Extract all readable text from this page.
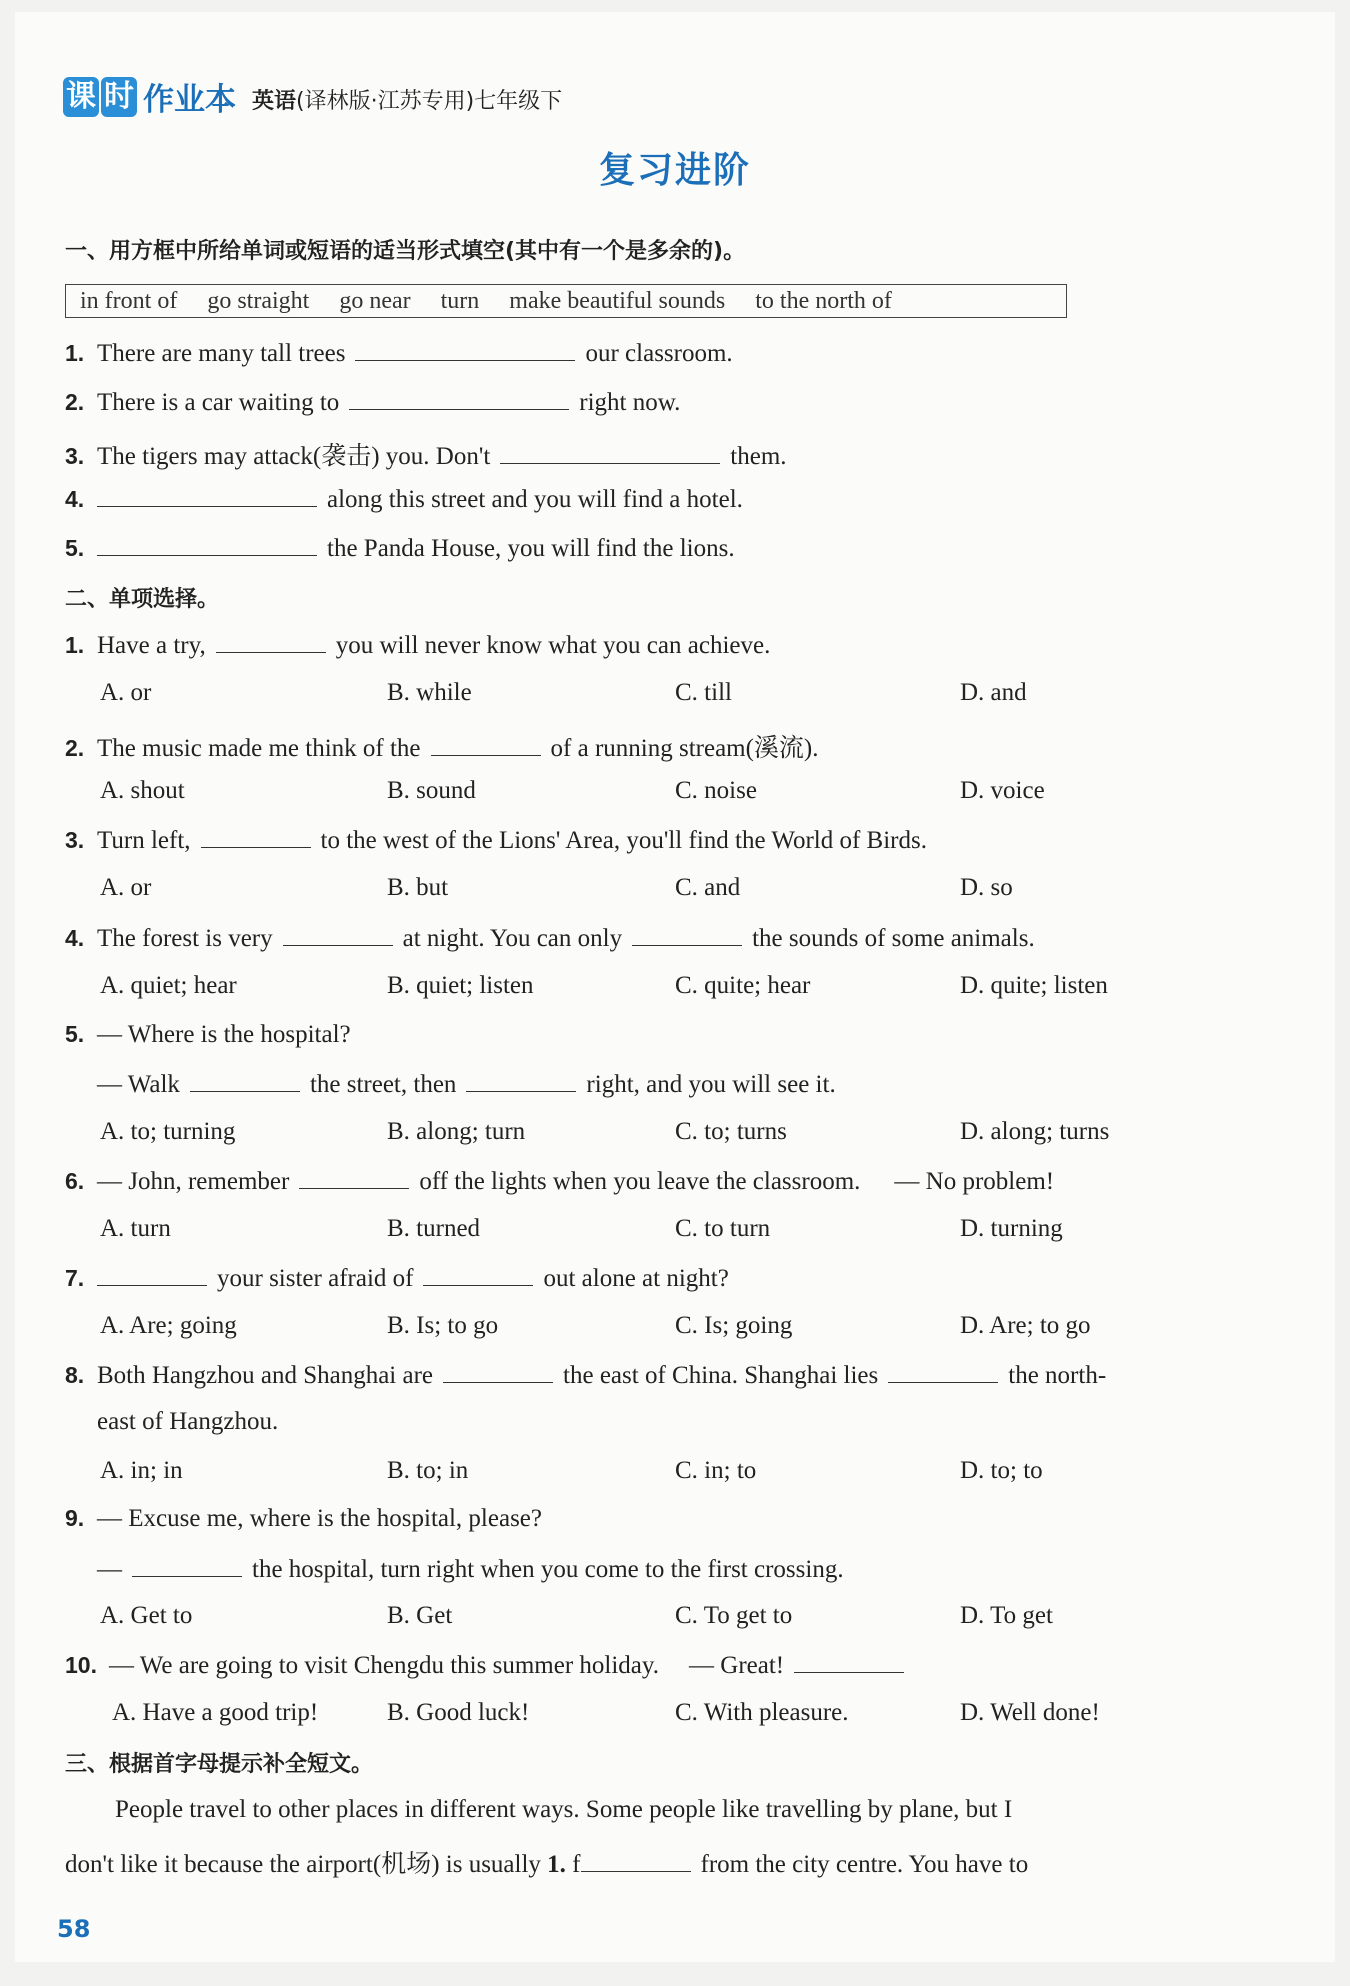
课 时 作业本 英语(译林版·江苏专用)七年级下
复习进阶
一、用方框中所给单词或短语的适当形式填空(其中有一个是多余的)。
in front of go straight go near turn make beautiful sounds to the north of
1. There are many tall trees	our classroom.
2. There is a car waiting to	right now.
3. The tigers may attack(袭击) you. Don't	them.
4.	along this street and you will find a hotel.
5.	the Panda House, you will find the lions.
二、单项选择。
1. Have a try,	you will never know what you can achieve.
A. or	B. while	C. till	D. and
2. The music made me think of the	of a running stream(溪流).
A. shout	B. sound	C. noise	D. voice
3. Turn left,	to the west of the Lions' Area, you'll find the World of Birds.
A. or	B. but	C. and	D. so
4. The forest is very	at night. You can only	the sounds of some animals.
A. quiet; hear	B. quiet; listen	C. quite; hear	D. quite; listen
5. — Where is the hospital?
— Walk	the street, then	right, and you will see it.
A. to; turning	B. along; turn	C. to; turns	D. along; turns
6. — John, remember	off the lights when you leave the classroom. — No problem!
A. turn	B. turned	C. to turn	D. turning
7.	your sister afraid of	out alone at night?
A. Are; going	B. Is; to go	C. Is; going	D. Are; to go
8. Both Hangzhou and Shanghai are	the east of China. Shanghai lies	the north-
east of Hangzhou.
A. in; in	B. to; in	C. in; to	D. to; to
9. — Excuse me, where is the hospital, please?
—	the hospital, turn right when you come to the first crossing.
A. Get to	B. Get	C. To get to	D. To get
10. — We are going to visit Chengdu this summer holiday. — Great!
A. Have a good trip!	B. Good luck!	C. With pleasure.	D. Well done!
三、根据首字母提示补全短文。
People travel to other places in different ways. Some people like travelling by plane, but I
don't like it because the airport(机场) is usually 1. f	from the city centre. You have to
58
